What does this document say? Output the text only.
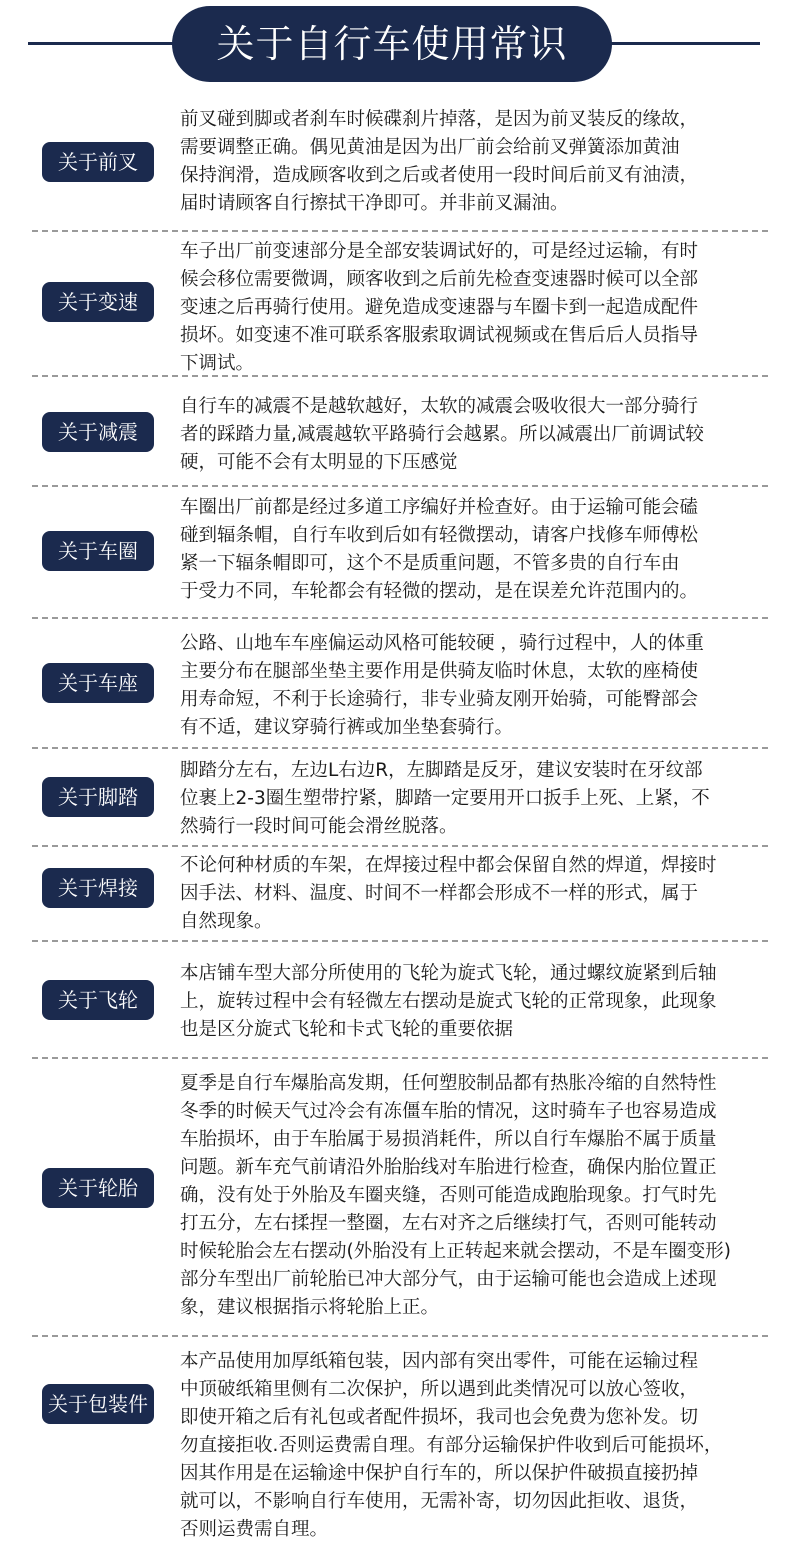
关于自行车使用常识
关于前叉
前叉碰到脚或者刹车时候碟刹片掉落，是因为前叉装反的缘故，
需要调整正确。偶见黄油是因为出厂前会给前叉弹簧添加黄油
保持润滑，造成顾客收到之后或者使用一段时间后前叉有油渍，
届时请顾客自行擦拭干净即可。并非前叉漏油。
关于变速
车子出厂前变速部分是全部安装调试好的，可是经过运输，有时
候会移位需要微调，顾客收到之后前先检查变速器时候可以全部
变速之后再骑行使用。避免造成变速器与车圈卡到一起造成配件
损坏。如变速不准可联系客服索取调试视频或在售后后人员指导
下调试。
关于减震
自行车的减震不是越软越好，太软的减震会吸收很大一部分骑行
者的踩踏力量,减震越软平路骑行会越累。所以减震出厂前调试较
硬，可能不会有太明显的下压感觉
关于车圈
车圈出厂前都是经过多道工序编好并检查好。由于运输可能会磕
碰到辐条帽，自行车收到后如有轻微摆动，请客户找修车师傅松
紧一下辐条帽即可，这个不是质重问题，不管多贵的自行车由
于受力不同，车轮都会有轻微的摆动，是在误差允许范围内的。
关于车座
公路、山地车车座偏运动风格可能较硬 ，骑行过程中，人的体重
主要分布在腿部坐垫主要作用是供骑友临时休息，太软的座椅使
用寿命短，不利于长途骑行，非专业骑友刚开始骑，可能臀部会
有不适，建议穿骑行裤或加坐垫套骑行。
关于脚踏
脚踏分左右，左边L右边R，左脚踏是反牙，建议安装时在牙纹部
位裹上2-3圈生塑带拧紧，脚踏一定要用开口扳手上死、上紧，不
然骑行一段时间可能会滑丝脱落。
关于焊接
不论何种材质的车架，在焊接过程中都会保留自然的焊道，焊接时
因手法、材料、温度、时间不一样都会形成不一样的形式，属于
自然现象。
关于飞轮
本店铺车型大部分所使用的飞轮为旋式飞轮，通过螺纹旋紧到后轴
上，旋转过程中会有轻微左右摆动是旋式飞轮的正常现象，此现象
也是区分旋式飞轮和卡式飞轮的重要依据
关于轮胎
夏季是自行车爆胎高发期，任何塑胶制品都有热胀冷缩的自然特性
冬季的时候天气过冷会有冻僵车胎的情况，这时骑车子也容易造成
车胎损坏，由于车胎属于易损消耗件，所以自行车爆胎不属于质量
问题。新车充气前请沿外胎胎线对车胎进行检查，确保内胎位置正
确，没有处于外胎及车圈夹缝，否则可能造成跑胎现象。打气时先
打五分，左右揉捏一整圈，左右对齐之后继续打气，否则可能转动
时候轮胎会左右摆动(外胎没有上正转起来就会摆动，不是车圈变形)
部分车型出厂前轮胎已冲大部分气，由于运输可能也会造成上述现
象，建议根据指示将轮胎上正。
关于包装件
本产品使用加厚纸箱包装，因内部有突出零件，可能在运输过程
中顶破纸箱里侧有二次保护，所以遇到此类情况可以放心签收，
即使开箱之后有礼包或者配件损坏，我司也会免费为您补发。切
勿直接拒收.否则运费需自理。有部分运输保护件收到后可能损坏，
因其作用是在运输途中保护自行车的，所以保护件破损直接扔掉
就可以，不影响自行车使用，无需补寄，切勿因此拒收、退货，
否则运费需自理。
